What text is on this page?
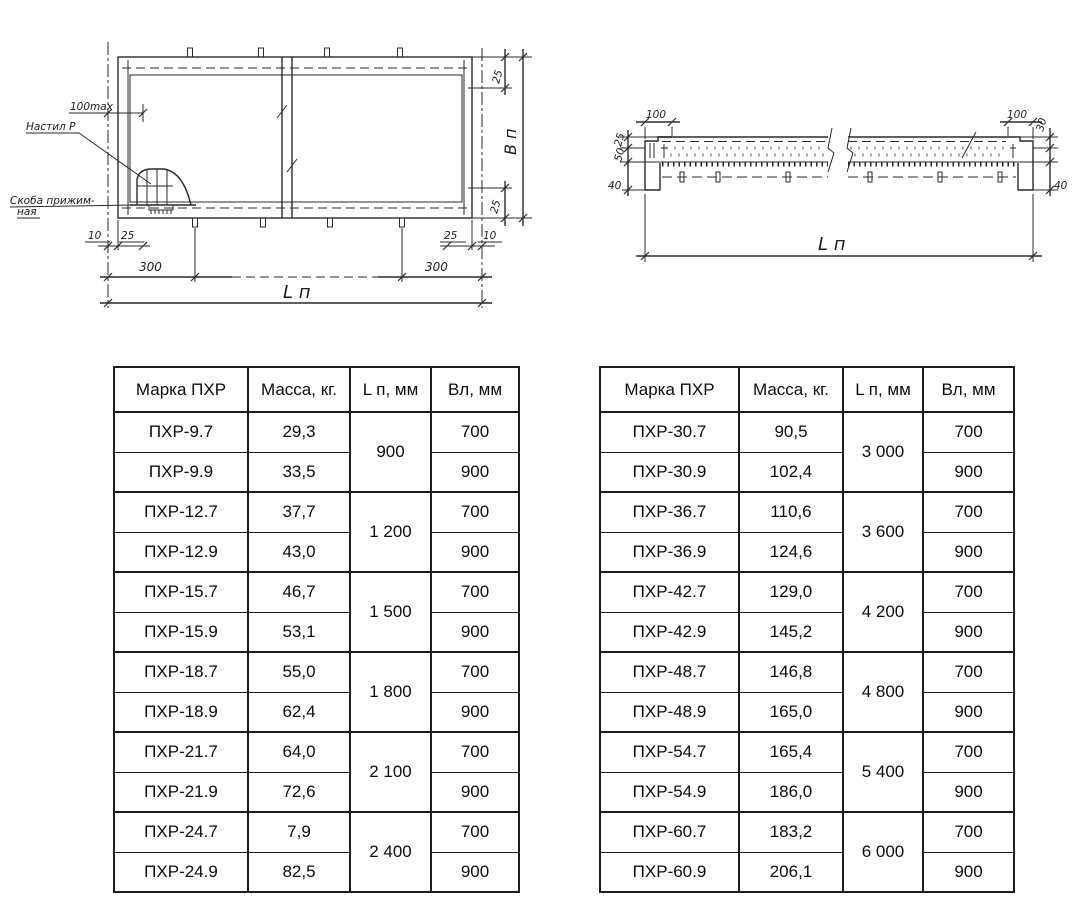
100max
Настил Р
Скоба прижим-
ная
25
25
В п
10 25	25 10
300	300
L п
100	100
25
50
40
30
40
L п
Марка ПХР	Масса, кг.	L п, мм	Вл, мм
ПХР-9.7	29,3	900	700
ПХР-9.9	33,5		900
ПХР-12.7	37,7	1 200	700
ПХР-12.9	43,0		900
ПХР-15.7	46,7	1 500	700
ПХР-15.9	53,1		900
ПХР-18.7	55,0	1 800	700
ПХР-18.9	62,4		900
ПХР-21.7	64,0	2 100	700
ПХР-21.9	72,6		900
ПХР-24.7	7,9	2 400	700
ПХР-24.9	82,5		900
Марка ПХР	Масса, кг.	L п, мм	Вл, мм
ПХР-30.7	90,5	3 000	700
ПХР-30.9	102,4		900
ПХР-36.7	110,6	3 600	700
ПХР-36.9	124,6		900
ПХР-42.7	129,0	4 200	700
ПХР-42.9	145,2		900
ПХР-48.7	146,8	4 800	700
ПХР-48.9	165,0		900
ПХР-54.7	165,4	5 400	700
ПХР-54.9	186,0		900
ПХР-60.7	183,2	6 000	700
ПХР-60.9	206,1		900
